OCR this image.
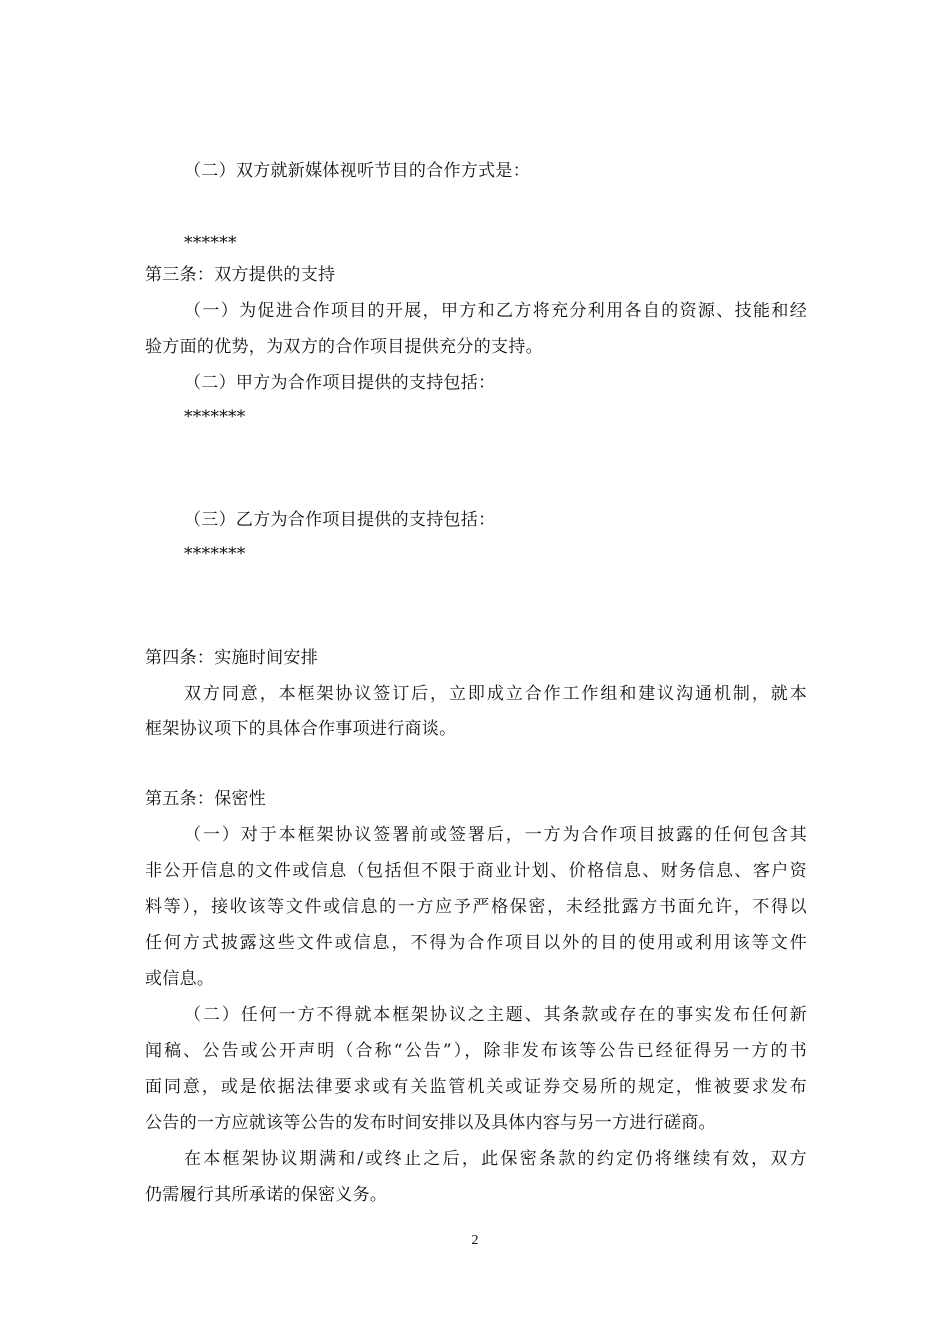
（二）双方就新媒体视听节目的合作方式是：
******
第三条：双方提供的支持
（一）为促进合作项目的开展，甲方和乙方将充分利用各自的资源、技能和经
验方面的优势，为双方的合作项目提供充分的支持。
（二）甲方为合作项目提供的支持包括：
*******
（三）乙方为合作项目提供的支持包括：
*******
第四条：实施时间安排
双方同意，本框架协议签订后，立即成立合作工作组和建议沟通机制，就本
框架协议项下的具体合作事项进行商谈。
第五条：保密性
（一）对于本框架协议签署前或签署后，一方为合作项目披露的任何包含其
非公开信息的文件或信息（包括但不限于商业计划、价格信息、财务信息、客户资
料等），接收该等文件或信息的一方应予严格保密，未经批露方书面允许，不得以
任何方式披露这些文件或信息，不得为合作项目以外的目的使用或利用该等文件
或信息。
（二）任何一方不得就本框架协议之主题、其条款或存在的事实发布任何新
闻稿、公告或公开声明（合称“公告”），除非发布该等公告已经征得另一方的书
面同意，或是依据法律要求或有关监管机关或证券交易所的规定，惟被要求发布
公告的一方应就该等公告的发布时间安排以及具体内容与另一方进行磋商。
在本框架协议期满和/或终止之后，此保密条款的约定仍将继续有效，双方
仍需履行其所承诺的保密义务。
2
